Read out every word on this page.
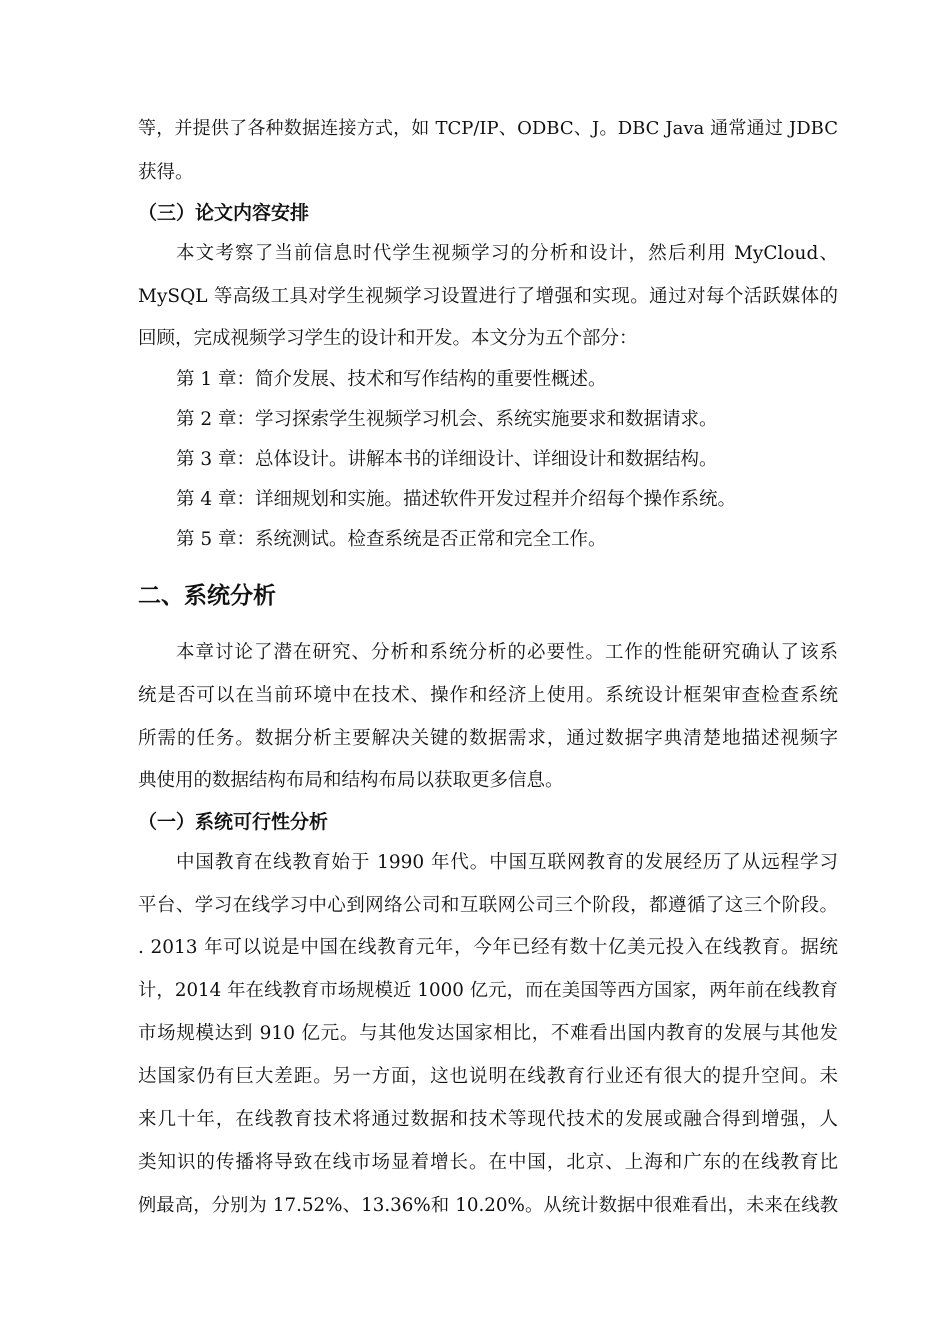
等，并提供了各种数据连接方式，如 TCP/IP、ODBC、J。DBC Java 通常通过 JDBC
获得。
（三）论文内容安排
本文考察了当前信息时代学生视频学习的分析和设计，然后利用 MyCloud、
MySQL 等高级工具对学生视频学习设置进行了增强和实现。通过对每个活跃媒体的
回顾，完成视频学习学生的设计和开发。本文分为五个部分：
第 1 章：简介发展、技术和写作结构的重要性概述。
第 2 章：学习探索学生视频学习机会、系统实施要求和数据请求。
第 3 章：总体设计。讲解本书的详细设计、详细设计和数据结构。
第 4 章：详细规划和实施。描述软件开发过程并介绍每个操作系统。
第 5 章：系统测试。检查系统是否正常和完全工作。
二、系统分析
本章讨论了潜在研究、分析和系统分析的必要性。工作的性能研究确认了该系
统是否可以在当前环境中在技术、操作和经济上使用。系统设计框架审查检查系统
所需的任务。数据分析主要解决关键的数据需求，通过数据字典清楚地描述视频字
典使用的数据结构布局和结构布局以获取更多信息。
（一）系统可行性分析
中国教育在线教育始于 1990 年代。中国互联网教育的发展经历了从远程学习
平台、学习在线学习中心到网络公司和互联网公司三个阶段，都遵循了这三个阶段。
. 2013 年可以说是中国在线教育元年，今年已经有数十亿美元投入在线教育。据统
计，2014 年在线教育市场规模近 1000 亿元，而在美国等西方国家，两年前在线教育
市场规模达到 910 亿元。与其他发达国家相比，不难看出国内教育的发展与其他发
达国家仍有巨大差距。另一方面，这也说明在线教育行业还有很大的提升空间。未
来几十年，在线教育技术将通过数据和技术等现代技术的发展或融合得到增强，人
类知识的传播将导致在线市场显着增长。在中国，北京、上海和广东的在线教育比
例最高，分别为 17.52%、13.36%和 10.20%。从统计数据中很难看出，未来在线教
